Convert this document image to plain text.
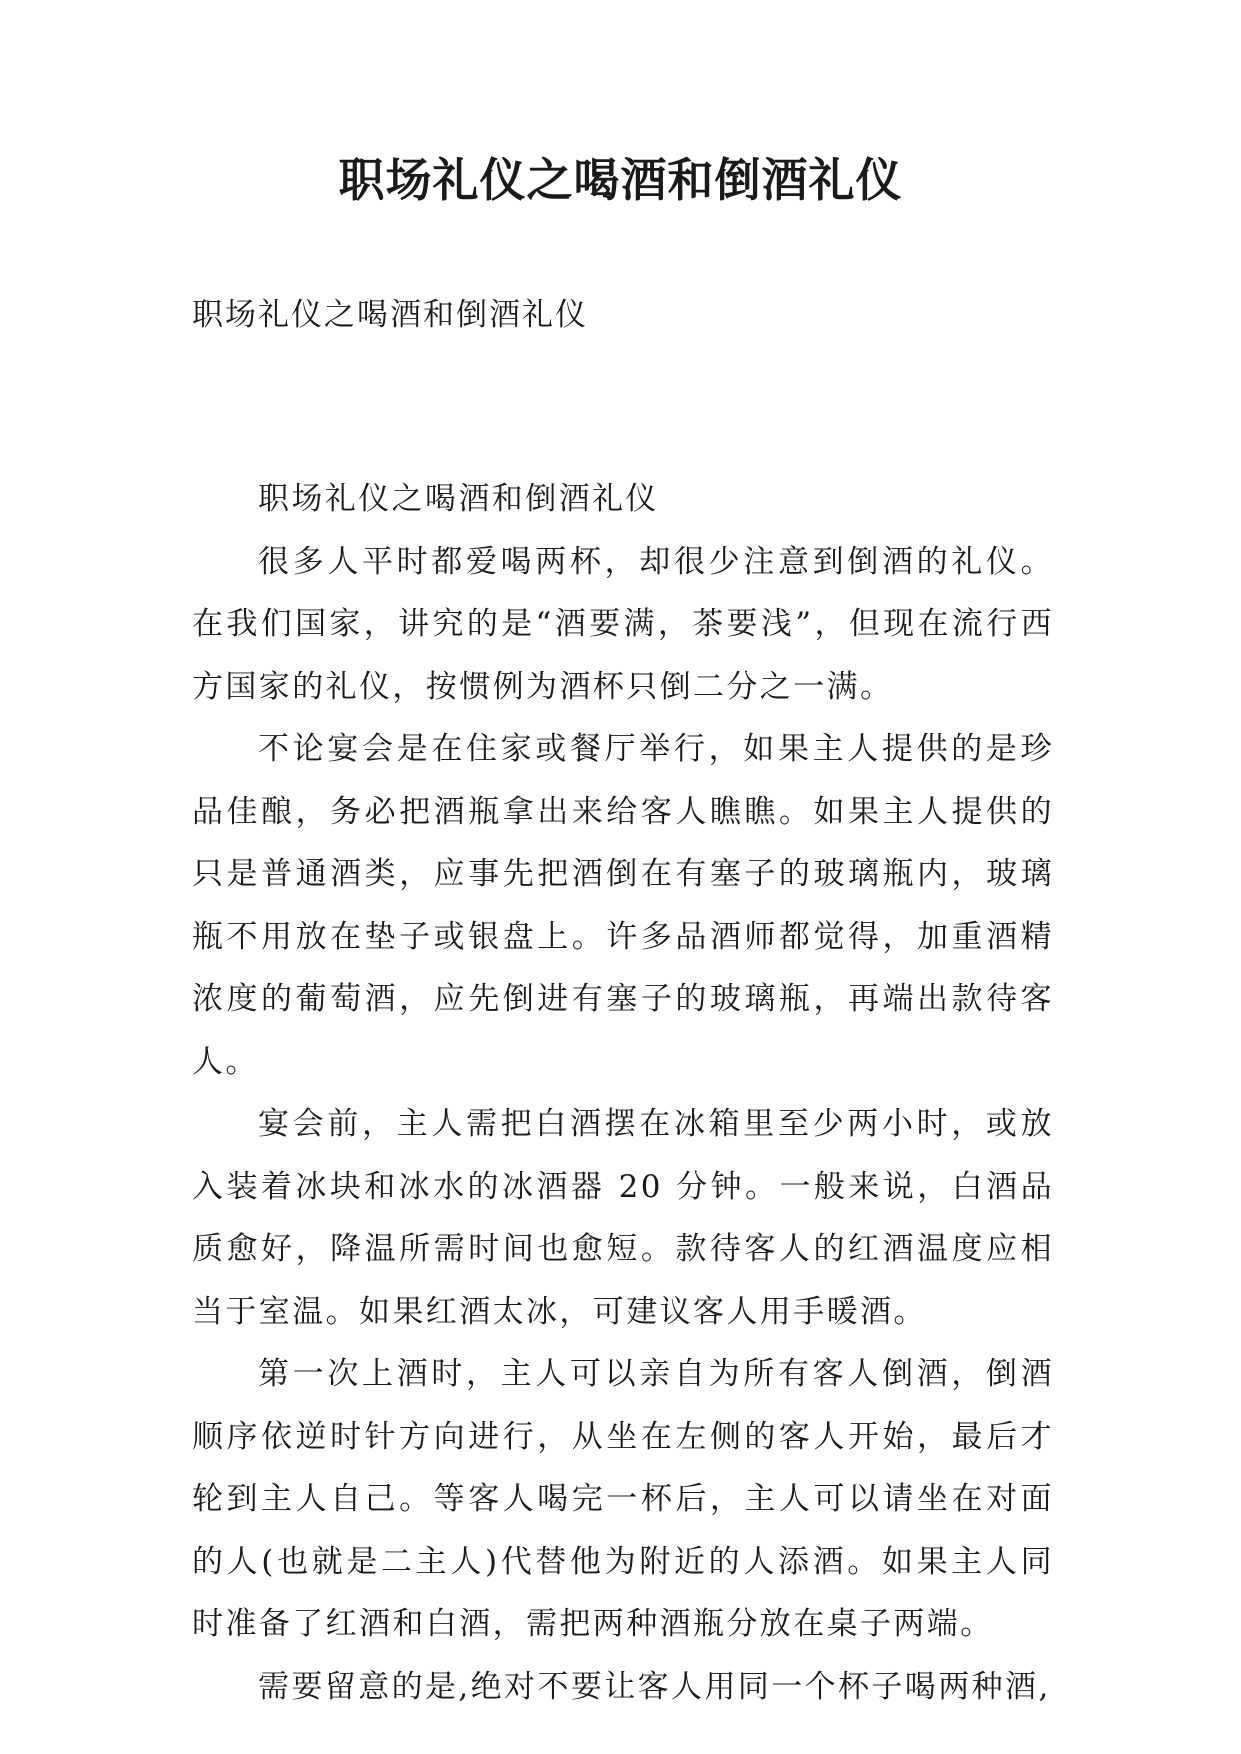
职场礼仪之喝酒和倒酒礼仪
职场礼仪之喝酒和倒酒礼仪

职场礼仪之喝酒和倒酒礼仪

很多人平时都爱喝两杯，却很少注意到倒酒的礼仪。在我们国家，讲究的是“酒要满，茶要浅”，但现在流行西方国家的礼仪，按惯例为酒杯只倒二分之一满。

不论宴会是在住家或餐厅举行，如果主人提供的是珍品佳酿，务必把酒瓶拿出来给客人瞧瞧。如果主人提供的只是普通酒类，应事先把酒倒在有塞子的玻璃瓶内，玻璃瓶不用放在垫子或银盘上。许多品酒师都觉得，加重酒精浓度的葡萄酒，应先倒进有塞子的玻璃瓶，再端出款待客人。

宴会前，主人需把白酒摆在冰箱里至少两小时，或放入装着冰块和冰水的冰酒器 20 分钟。一般来说，白酒品质愈好，降温所需时间也愈短。款待客人的红酒温度应相当于室温。如果红酒太冰，可建议客人用手暖酒。

第一次上酒时，主人可以亲自为所有客人倒酒，倒酒顺序依逆时针方向进行，从坐在左侧的客人开始，最后才轮到主人自己。等客人喝完一杯后，主人可以请坐在对面的人(也就是二主人)代替他为附近的人添酒。如果主人同时准备了红酒和白酒，需把两种酒瓶分放在桌子两端。

需要留意的是,绝对不要让客人用同一个杯子喝两种酒,
